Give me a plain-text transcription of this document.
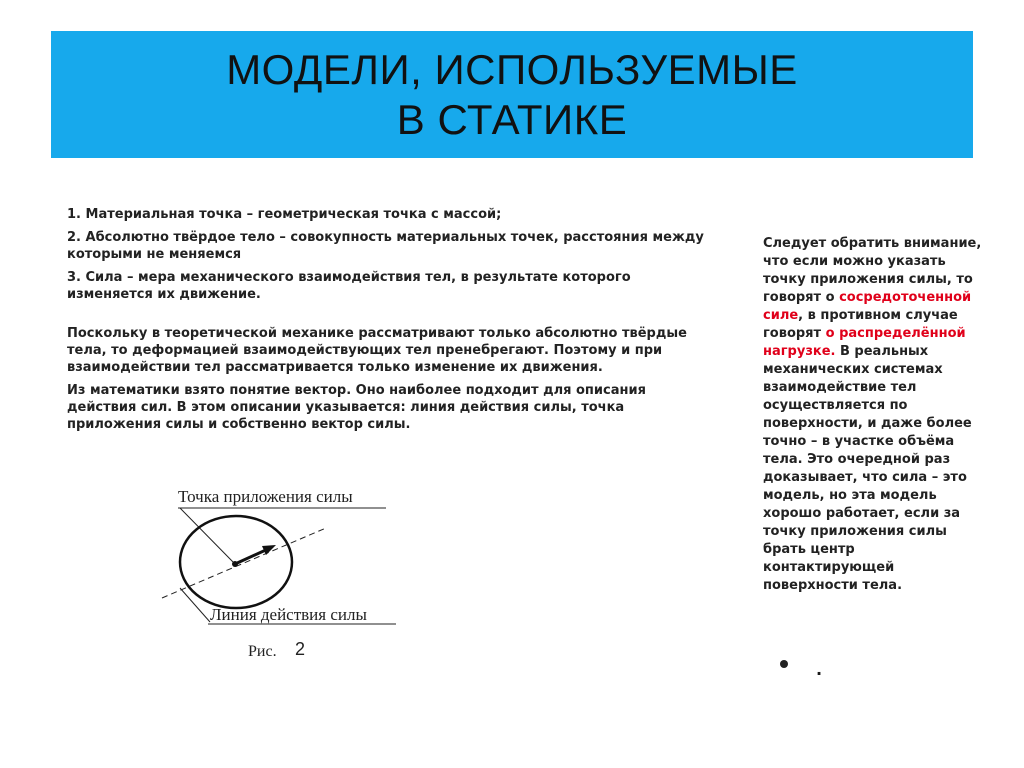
МОДЕЛИ, ИСПОЛЬЗУЕМЫЕ
В СТАТИКЕ

1. Материальная точка – геометрическая точка с массой;

2. Абсолютно твёрдое тело – совокупность материальных точек, расстояния между которыми не меняемся

3. Сила – мера механического взаимодействия тел, в результате которого изменяется их движение.

Поскольку в теоретической механике рассматривают только абсолютно твёрдые тела, то деформацией взаимодействующих тел пренебрегают. Поэтому и при взаимодействии тел рассматривается только изменение их движения.

Из математики взято понятие вектор. Оно наиболее подходит для описания действия сил. В этом описании указывается: линия действия силы, точка приложения силы и собственно вектор силы.

Точка приложения силы
Линия действия силы
Рис. 2
Следует обратить внимание, что если можно указать точку приложения силы, то говорят о сосредоточенной силе, в противном случае говорят о распределённой нагрузке. В реальных механических системах взаимодействие тел осуществляется по поверхности, и даже более точно – в участке объёма тела. Это очередной раз доказывает, что сила – это модель, но эта модель хорошо работает, если за точку приложения силы брать центр контактирующей поверхности тела.
.
